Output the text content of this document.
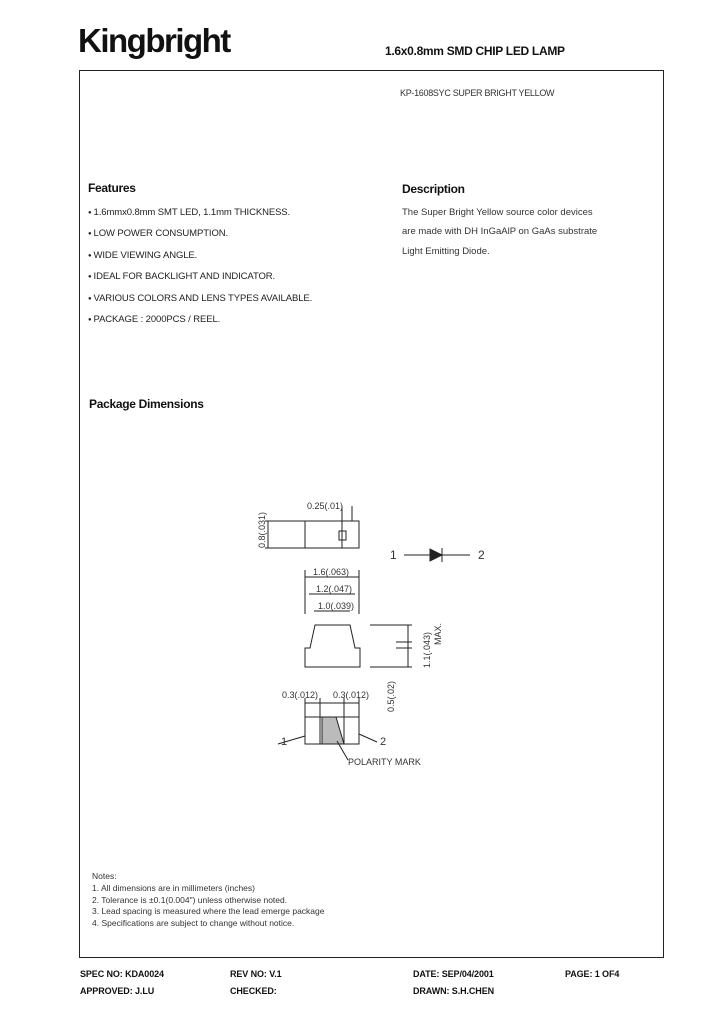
Kingbright	1.6x0.8mm SMD CHIP LED LAMP
KP-1608SYC SUPER BRIGHT YELLOW
Features
● 1.6mmx0.8mm SMT LED, 1.1mm THICKNESS.
● LOW POWER CONSUMPTION.
● WIDE VIEWING ANGLE.
● IDEAL FOR BACKLIGHT AND INDICATOR.
● VARIOUS COLORS AND LENS TYPES AVAILABLE.
● PACKAGE : 2000PCS / REEL.
Description
The Super Bright Yellow source color devices
are made with DH InGaAlP on GaAs substrate
Light Emitting Diode.
Package Dimensions
0.25(.01)
0.8(.031)
1	2
1.6(.063)
1.2(.047)
1.0(.039)
1.1(.043) MAX.
0.3(.012) 0.3(.012) 0.5(.02)
1	2
POLARITY MARK
Notes:
1. All dimensions are in millimeters (inches)
2. Tolerance is ±0.1(0.004") unless otherwise noted.
3. Lead spacing is measured where the lead emerge package
4. Specifications are subject to change without notice.
SPEC NO: KDA0024	REV NO: V.1	DATE: SEP/04/2001	PAGE: 1 OF4
APPROVED: J.LU	CHECKED:	DRAWN: S.H.CHEN
